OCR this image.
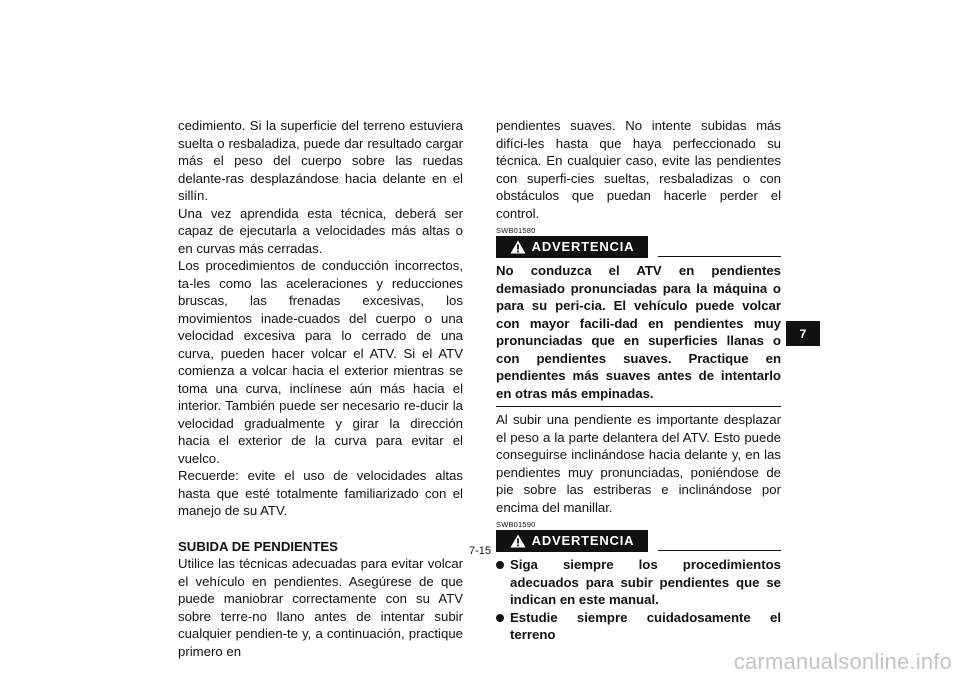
cedimiento. Si la superficie del terreno estuviera suelta o resbaladiza, puede dar resultado cargar más el peso del cuerpo sobre las ruedas delante-ras desplazándose hacia delante en el sillín.

Una vez aprendida esta técnica, deberá ser capaz de ejecutarla a velocidades más altas o en curvas más cerradas.

Los procedimientos de conducción incorrectos, ta-les como las aceleraciones y reducciones bruscas, las frenadas excesivas, los movimientos inade-cuados del cuerpo o una velocidad excesiva para lo cerrado de una curva, pueden hacer volcar el ATV. Si el ATV comienza a volcar hacia el exterior mientras se toma una curva, inclínese aún más hacia el interior. También puede ser necesario re-ducir la velocidad gradualmente y girar la dirección hacia el exterior de la curva para evitar el vuelco.

Recuerde: evite el uso de velocidades altas hasta que esté totalmente familiarizado con el manejo de su ATV.

SUBIDA DE PENDIENTES

Utilice las técnicas adecuadas para evitar volcar el vehículo en pendientes. Asegúrese de que puede maniobrar correctamente con su ATV sobre terre-no llano antes de intentar subir cualquier pendien-te y, a continuación, practique primero en

pendientes suaves. No intente subidas más difíci-les hasta que haya perfeccionado su técnica. En cualquier caso, evite las pendientes con superfi-cies sueltas, resbaladizas o con obstáculos que puedan hacerle perder el control.

SWB01580
ADVERTENCIA

No conduzca el ATV en pendientes demasiado pronunciadas para la máquina o para su peri-cia. El vehículo puede volcar con mayor facili-dad en pendientes muy pronunciadas que en superficies llanas o con pendientes suaves. Practique en pendientes más suaves antes de intentarlo en otras más empinadas.

Al subir una pendiente es importante desplazar el peso a la parte delantera del ATV. Esto puede conseguirse inclinándose hacia delante y, en las pendientes muy pronunciadas, poniéndose de pie sobre las estriberas e inclinándose por encima del manillar.

SWB01590
ADVERTENCIA
Siga siempre los procedimientos adecuados para subir pendientes que se indican en este manual.
Estudie siempre cuidadosamente el terreno
7
7-15
carmanualsonline.info
